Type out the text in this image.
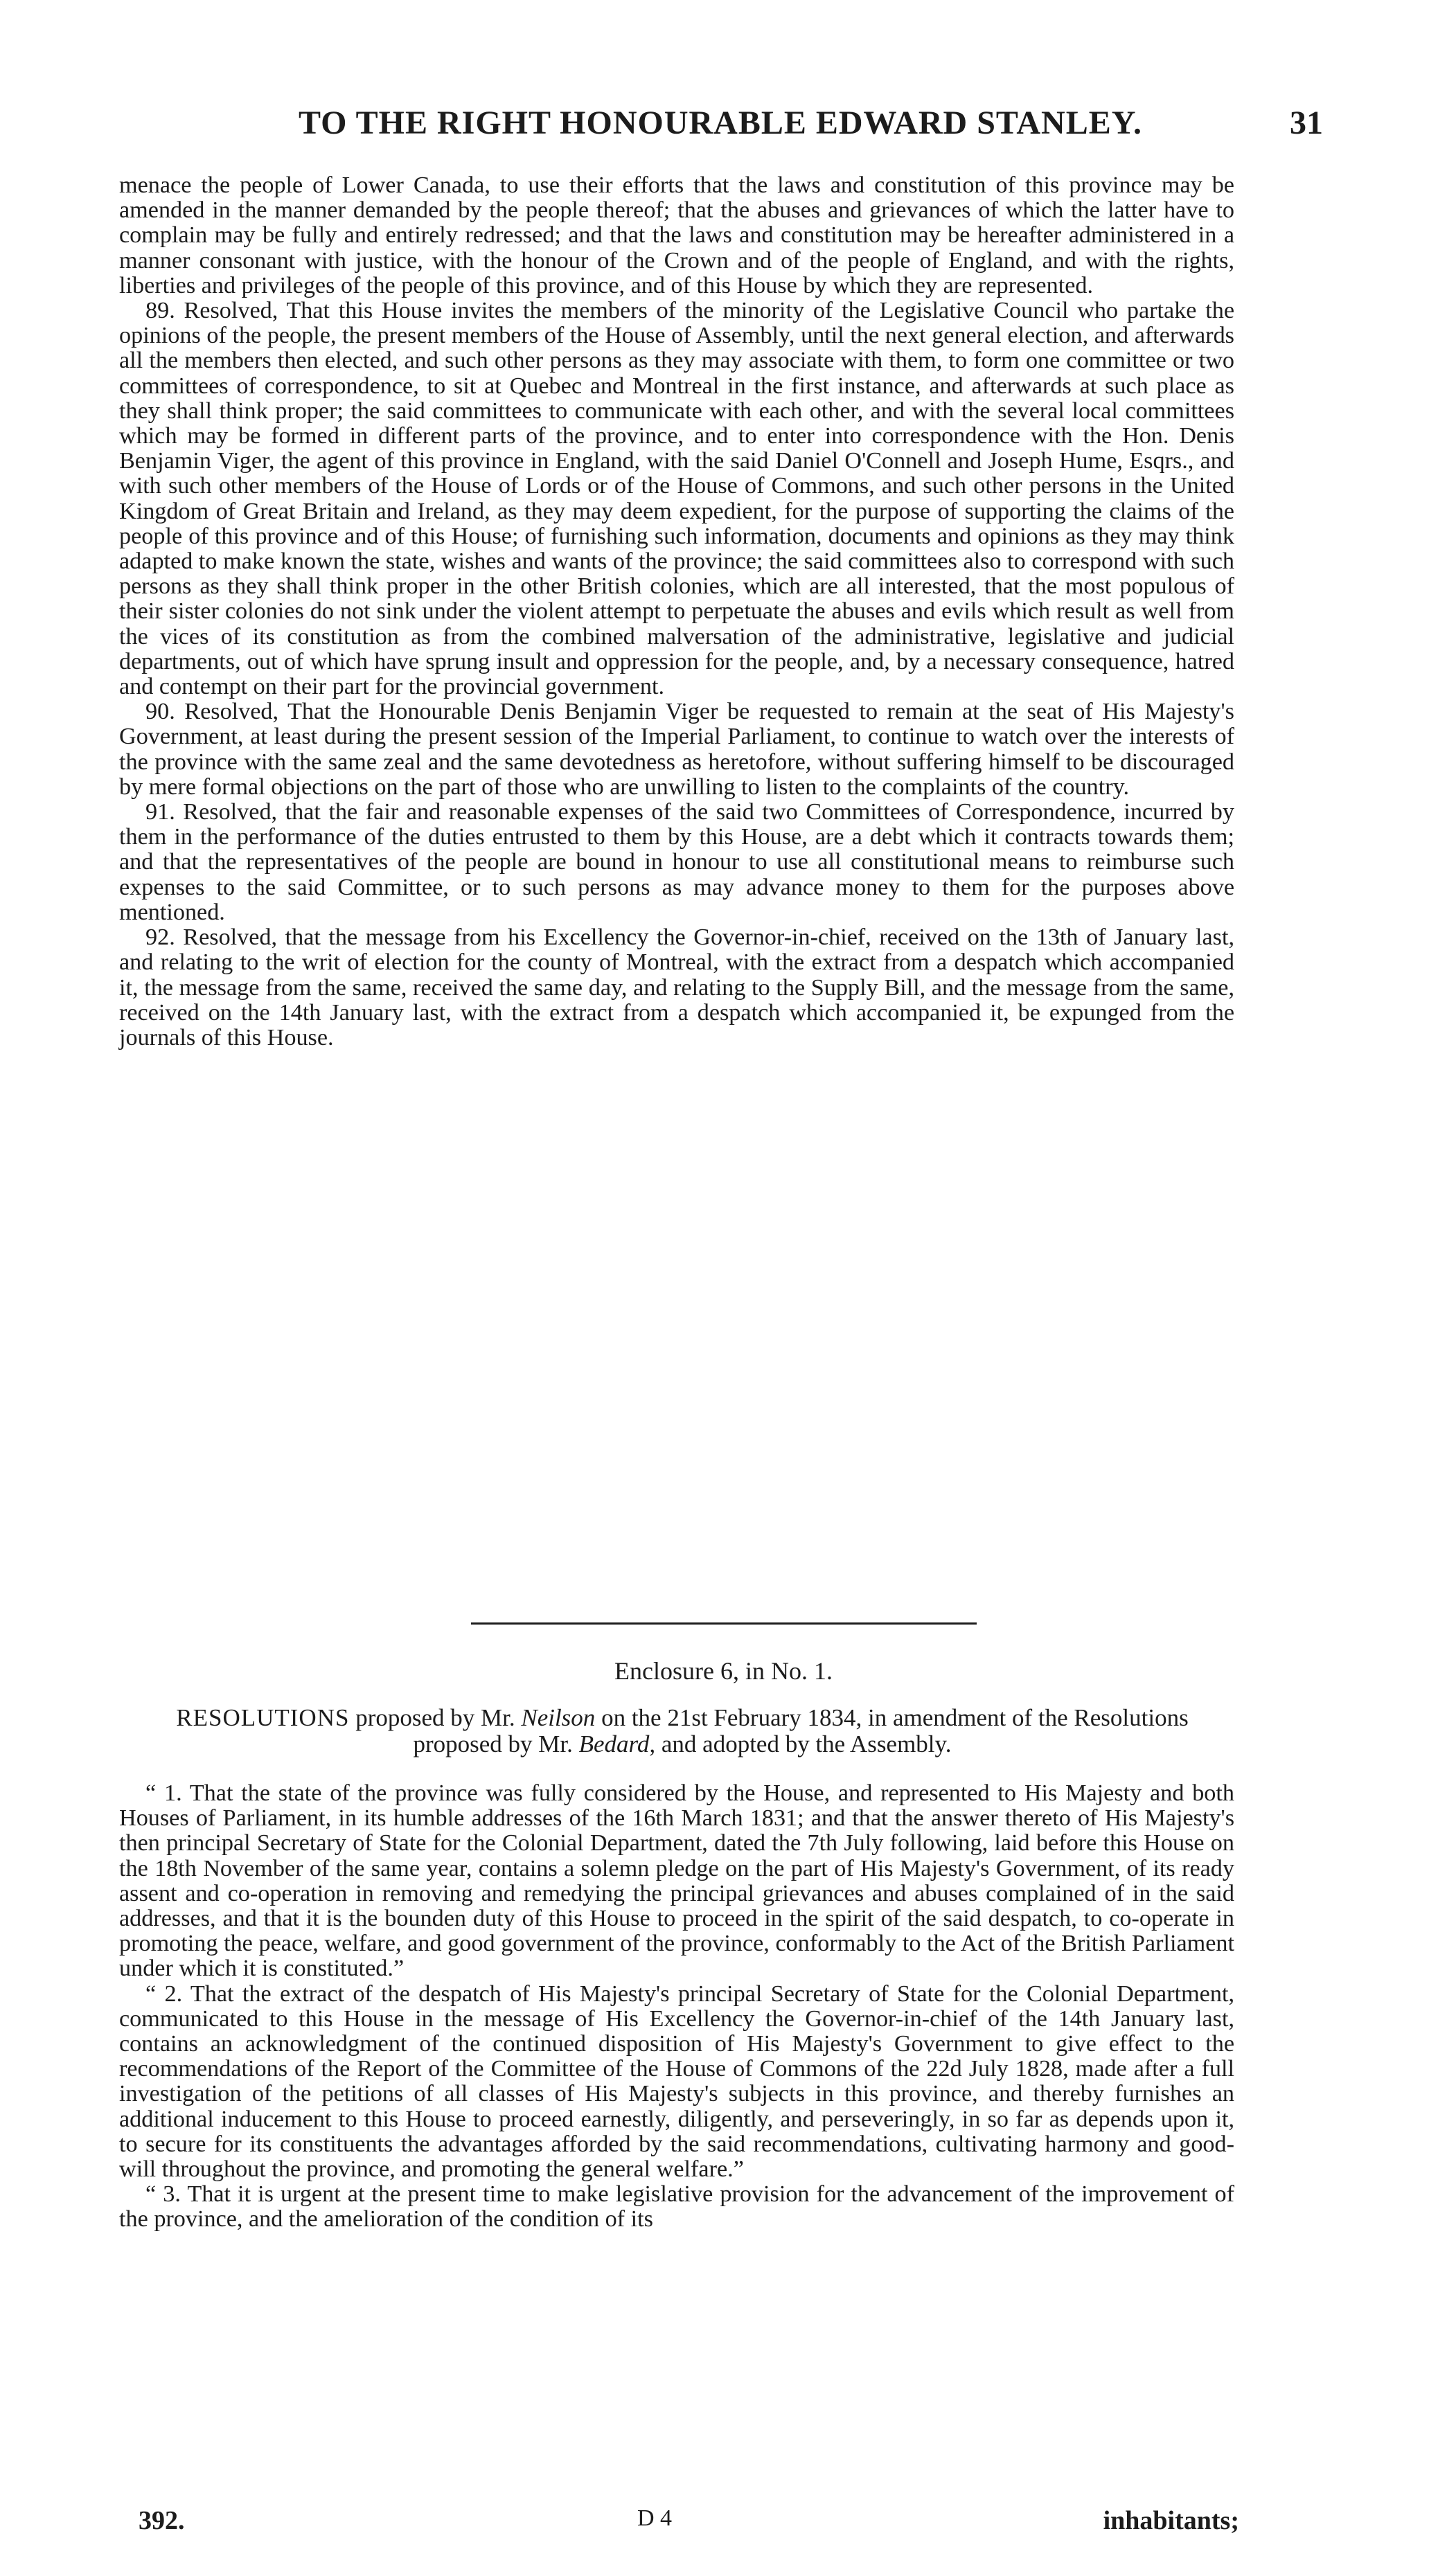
TO THE RIGHT HONOURABLE EDWARD STANLEY.	31

menace the people of Lower Canada, to use their efforts that the laws and constitution of this province may be amended in the manner demanded by the people thereof; that the abuses and grievances of which the latter have to complain may be fully and entirely redressed; and that the laws and constitution may be hereafter administered in a manner consonant with justice, with the honour of the Crown and of the people of England, and with the rights, liberties and privileges of the people of this province, and of this House by which they are represented.

89. Resolved, That this House invites the members of the minority of the Legislative Council who partake the opinions of the people, the present members of the House of Assembly, until the next general election, and afterwards all the members then elected, and such other persons as they may associate with them, to form one committee or two committees of correspondence, to sit at Quebec and Montreal in the first instance, and afterwards at such place as they shall think proper; the said committees to communicate with each other, and with the several local committees which may be formed in different parts of the province, and to enter into correspondence with the Hon. Denis Benjamin Viger, the agent of this province in England, with the said Daniel O'Connell and Joseph Hume, Esqrs., and with such other members of the House of Lords or of the House of Commons, and such other persons in the United Kingdom of Great Britain and Ireland, as they may deem expedient, for the purpose of supporting the claims of the people of this province and of this House; of furnishing such information, documents and opinions as they may think adapted to make known the state, wishes and wants of the province; the said committees also to correspond with such persons as they shall think proper in the other British colonies, which are all interested, that the most populous of their sister colonies do not sink under the violent attempt to perpetuate the abuses and evils which result as well from the vices of its constitution as from the combined malversation of the administrative, legislative and judicial departments, out of which have sprung insult and oppression for the people, and, by a necessary consequence, hatred and contempt on their part for the provincial government.

90. Resolved, That the Honourable Denis Benjamin Viger be requested to remain at the seat of His Majesty's Government, at least during the present session of the Imperial Parliament, to continue to watch over the interests of the province with the same zeal and the same devotedness as heretofore, without suffering himself to be discouraged by mere formal objections on the part of those who are unwilling to listen to the complaints of the country.

91. Resolved, that the fair and reasonable expenses of the said two Committees of Correspondence, incurred by them in the performance of the duties entrusted to them by this House, are a debt which it contracts towards them; and that the representatives of the people are bound in honour to use all constitutional means to reimburse such expenses to the said Committee, or to such persons as may advance money to them for the purposes above mentioned.

92. Resolved, that the message from his Excellency the Governor-in-chief, received on the 13th of January last, and relating to the writ of election for the county of Montreal, with the extract from a despatch which accompanied it, the message from the same, received the same day, and relating to the Supply Bill, and the message from the same, received on the 14th January last, with the extract from a despatch which accompanied it, be expunged from the journals of this House.

Enclosure 6, in No. 1.
RESOLUTIONS proposed by Mr. Neilson on the 21st February 1834, in amendment of the Resolutions proposed by Mr. Bedard, and adopted by the Assembly.

“ 1. That the state of the province was fully considered by the House, and represented to His Majesty and both Houses of Parliament, in its humble addresses of the 16th March 1831; and that the answer thereto of His Majesty's then principal Secretary of State for the Colonial Department, dated the 7th July following, laid before this House on the 18th November of the same year, contains a solemn pledge on the part of His Majesty's Government, of its ready assent and co-operation in removing and remedying the principal grievances and abuses complained of in the said addresses, and that it is the bounden duty of this House to proceed in the spirit of the said despatch, to co-operate in promoting the peace, welfare, and good government of the province, conformably to the Act of the British Parliament under which it is constituted.”

“ 2. That the extract of the despatch of His Majesty's principal Secretary of State for the Colonial Department, communicated to this House in the message of His Excellency the Governor-in-chief of the 14th January last, contains an acknowledgment of the continued disposition of His Majesty's Government to give effect to the recommendations of the Report of the Committee of the House of Commons of the 22d July 1828, made after a full investigation of the petitions of all classes of His Majesty's subjects in this province, and thereby furnishes an additional inducement to this House to proceed earnestly, diligently, and perseveringly, in so far as depends upon it, to secure for its constituents the advantages afforded by the said recommendations, cultivating harmony and good-will throughout the province, and promoting the general welfare.”

“ 3. That it is urgent at the present time to make legislative provision for the advancement of the improvement of the province, and the amelioration of the condition of its

392.	D 4	inhabitants;
